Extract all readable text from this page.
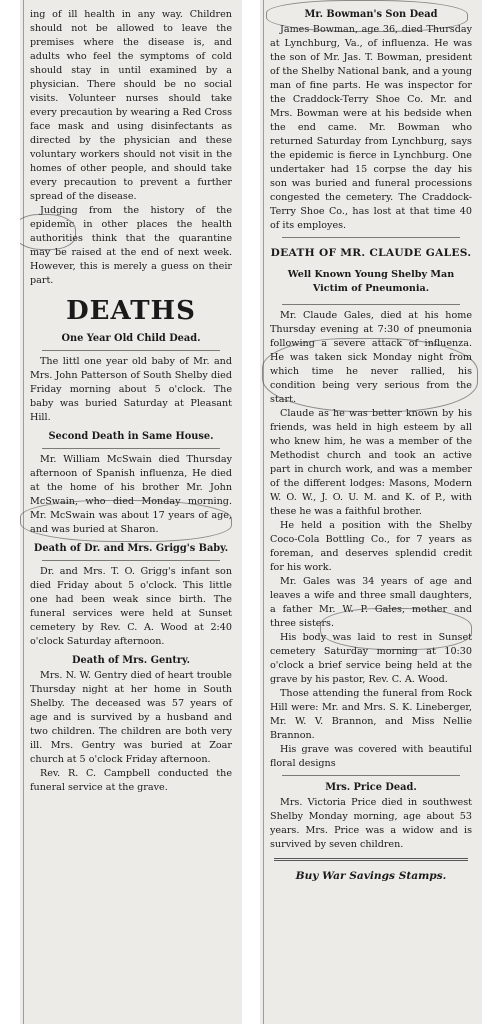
ing of ill health in any way. Children should not be allowed to leave the premises where the disease is, and adults who feel the symptoms of cold should stay in until examined by a physician. There should be no social visits. Volunteer nurses should take every precaution by wearing a Red Cross face mask and using disinfectants as directed by the physician and these voluntary workers should not visit in the homes of other people, and should take every precaution to prevent a further spread of the disease.

Judging from the history of the epidemic in other places the health authorities think that the quarantine may be raised at the end of next week. However, this is merely a guess on their part.

DEATHS
One Year Old Child Dead.

The littl one year old baby of Mr. and Mrs. John Patterson of South Shelby died Friday morning about 5 o'clock. The baby was buried Saturday at Pleasant Hill.

Second Death in Same House.

Mr. William McSwain died Thursday afternoon of Spanish influenza, He died at the home of his brother Mr. John McSwain, who died Monday morning. Mr. McSwain was about 17 years of age, and was buried at Sharon.

Death of Dr. and Mrs. Grigg's Baby.

Dr. and Mrs. T. O. Grigg's infant son died Friday about 5 o'clock. This little one had been weak since birth. The funeral services were held at Sunset cemetery by Rev. C. A. Wood at 2:40 o'clock Saturday afternoon.

Death of Mrs. Gentry.

Mrs. N. W. Gentry died of heart trouble Thursday night at her home in South Shelby. The deceased was 57 years of age and is survived by a husband and two children. The children are both very ill. Mrs. Gentry was buried at Zoar church at 5 o'clock Friday afternoon.

Rev. R. C. Campbell conducted the funeral service at the grave.

Mr. Bowman's Son Dead

James Bowman, age 36, died Thursday at Lynchburg, Va., of influenza. He was the son of Mr. Jas. T. Bowman, president of the Shelby National bank, and a young man of fine parts. He was inspector for the Craddock-Terry Shoe Co. Mr. and Mrs. Bowman were at his bedside when the end came. Mr. Bowman who returned Saturday from Lynchburg, says the epidemic is fierce in Lynchburg. One undertaker had 15 corpse the day his son was buried and funeral processions congested the cemetery. The Craddock-Terry Shoe Co., has lost at that time 40 of its employes.

DEATH OF MR. CLAUDE GALES.
Well Known Young Shelby Man Victim of Pneumonia.

Mr. Claude Gales, died at his home Thursday evening at 7:30 of pneumonia following a severe attack of influenza. He was taken sick Monday night from which time he never rallied, his condition being very serious from the start.

Claude as he was better known by his friends, was held in high esteem by all who knew him, he was a member of the Methodist church and took an active part in church work, and was a member of the different lodges: Masons, Modern W. O. W., J. O. U. M. and K. of P., with these he was a faithful brother.

He held a position with the Shelby Coco-Cola Bottling Co., for 7 years as foreman, and deserves splendid credit for his work.

Mr. Gales was 34 years of age and leaves a wife and three small daughters, a father Mr. W. P. Gales, mother and three sisters.

His body was laid to rest in Sunset cemetery Saturday morning at 10:30 o'clock a brief service being held at the grave by his pastor, Rev. C. A. Wood.

Those attending the funeral from Rock Hill were: Mr. and Mrs. S. K. Lineberger, Mr. W. V. Brannon, and Miss Nellie Brannon.

His grave was covered with beautiful floral designs

Mrs. Price Dead.

Mrs. Victoria Price died in southwest Shelby Monday morning, age about 53 years. Mrs. Price was a widow and is survived by seven children.

Buy War Savings Stamps.
